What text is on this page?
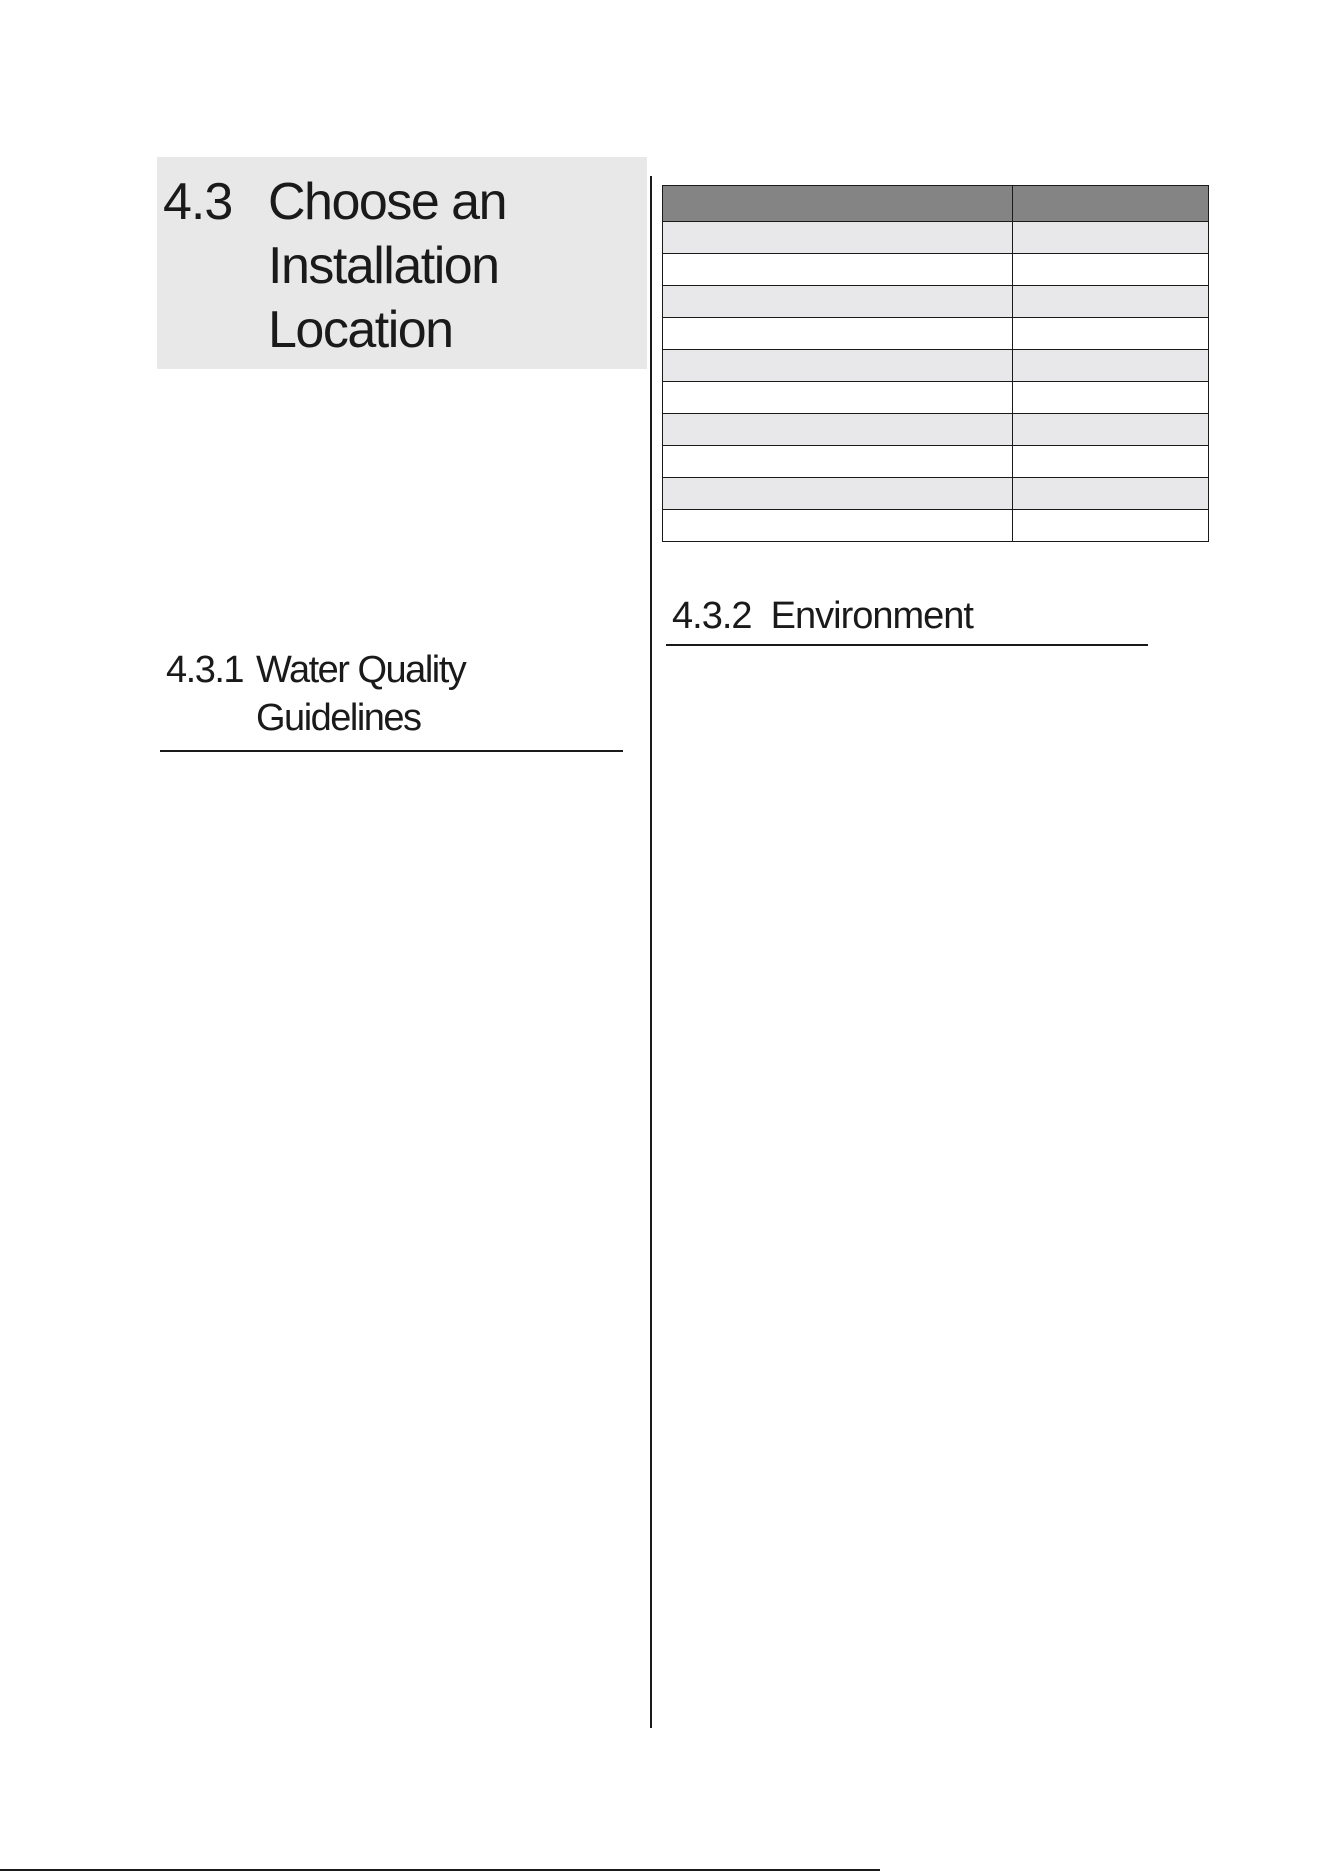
4.3 Choose an
Installation
Location
4.3.1 Water Quality
Guidelines

4.3.2 Environment
